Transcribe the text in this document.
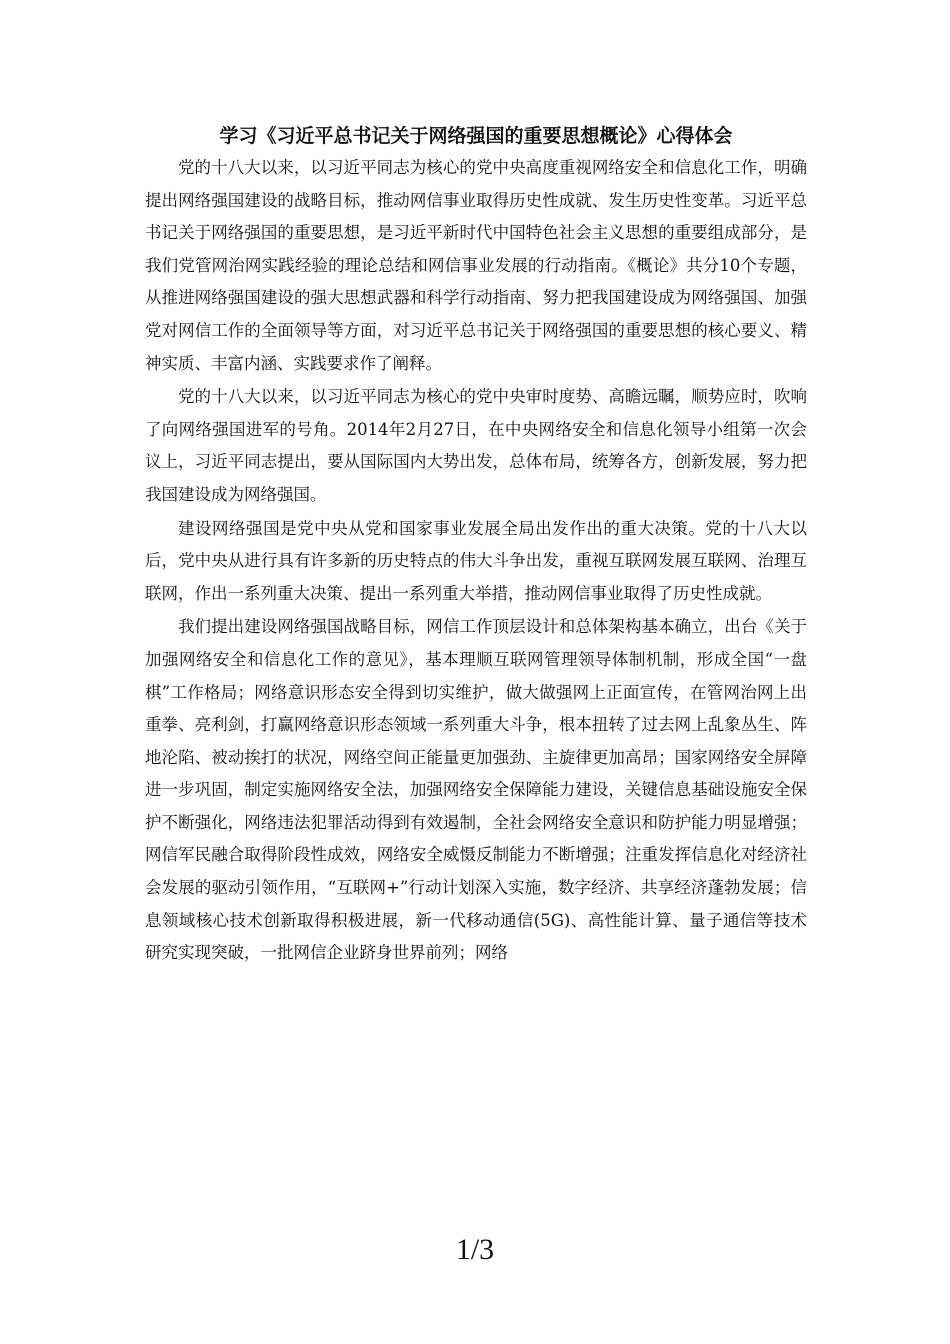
学习《习近平总书记关于网络强国的重要思想概论》心得体会

党的十八大以来，以习近平同志为核心的党中央高度重视网络安全和信息化工作，明确提出网络强国建设的战略目标，推动网信事业取得历史性成就、发生历史性变革。习近平总书记关于网络强国的重要思想，是习近平新时代中国特色社会主义思想的重要组成部分，是我们党管网治网实践经验的理论总结和网信事业发展的行动指南。《概论》共分10个专题，从推进网络强国建设的强大思想武器和科学行动指南、努力把我国建设成为网络强国、加强党对网信工作的全面领导等方面，对习近平总书记关于网络强国的重要思想的核心要义、精神实质、丰富内涵、实践要求作了阐释。

党的十八大以来，以习近平同志为核心的党中央审时度势、高瞻远瞩，顺势应时，吹响了向网络强国进军的号角。2014年2月27日，在中央网络安全和信息化领导小组第一次会议上，习近平同志提出，要从国际国内大势出发，总体布局，统筹各方，创新发展，努力把我国建设成为网络强国。

建设网络强国是党中央从党和国家事业发展全局出发作出的重大决策。党的十八大以后，党中央从进行具有许多新的历史特点的伟大斗争出发，重视互联网发展互联网、治理互联网，作出一系列重大决策、提出一系列重大举措，推动网信事业取得了历史性成就。

我们提出建设网络强国战略目标，网信工作顶层设计和总体架构基本确立，出台《关于加强网络安全和信息化工作的意见》，基本理顺互联网管理领导体制机制，形成全国“一盘棋”工作格局；网络意识形态安全得到切实维护，做大做强网上正面宣传，在管网治网上出重拳、亮利剑，打赢网络意识形态领域一系列重大斗争，根本扭转了过去网上乱象丛生、阵地沦陷、被动挨打的状况，网络空间正能量更加强劲、主旋律更加高昂；国家网络安全屏障进一步巩固，制定实施网络安全法，加强网络安全保障能力建设，关键信息基础设施安全保护不断强化，网络违法犯罪活动得到有效遏制，全社会网络安全意识和防护能力明显增强；网信军民融合取得阶段性成效，网络安全威慑反制能力不断增强；注重发挥信息化对经济社会发展的驱动引领作用，“互联网+”行动计划深入实施，数字经济、共享经济蓬勃发展；信息领域核心技术创新取得积极进展，新一代移动通信(5G)、高性能计算、量子通信等技术研究实现突破，一批网信企业跻身世界前列；网络

1/3
